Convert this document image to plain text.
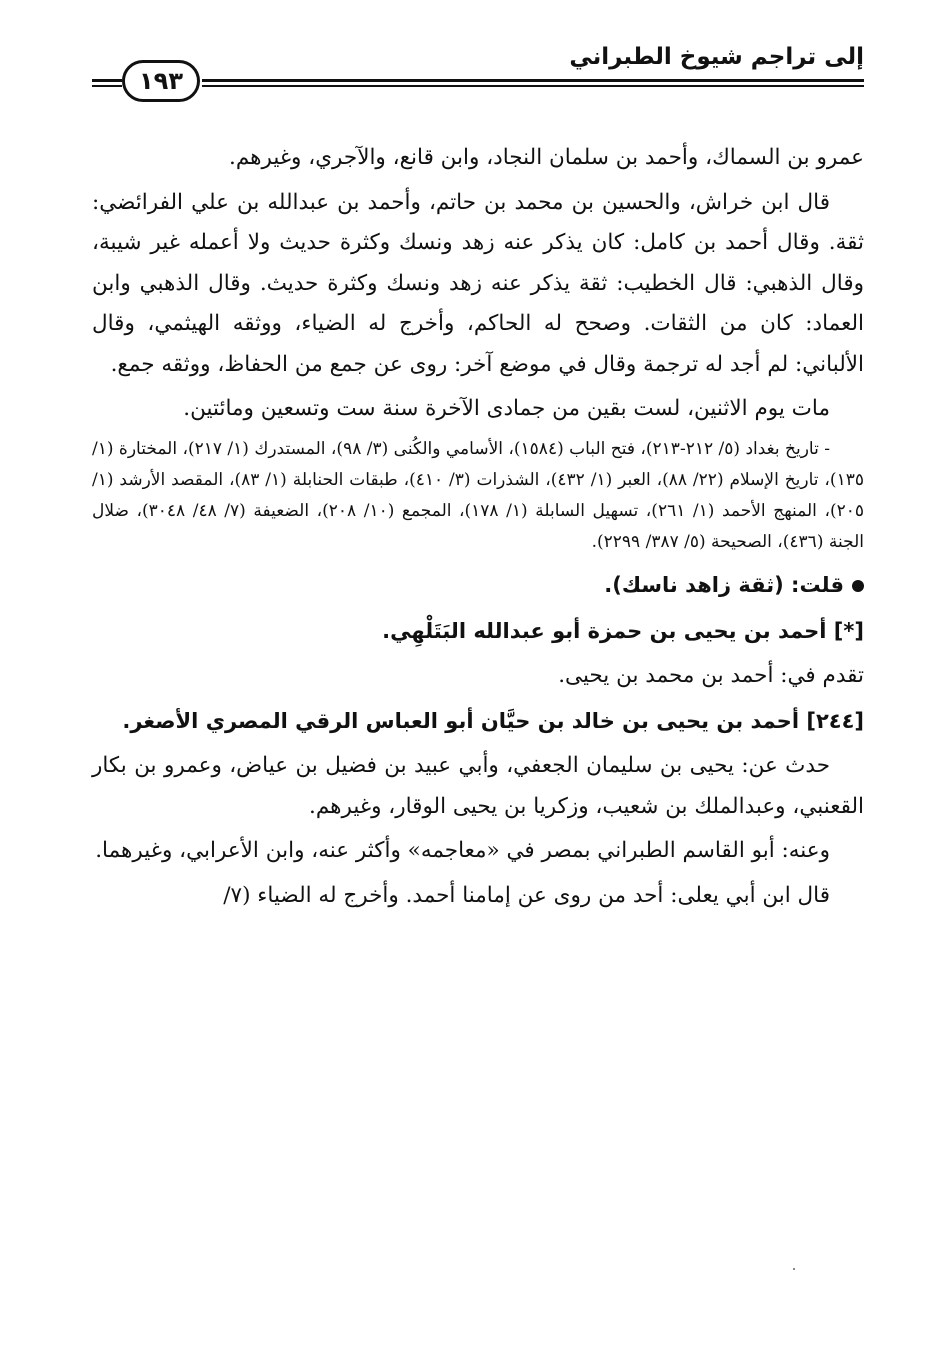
إلى تراجم شيوخ الطبراني
١٩٣

عمرو بن السماك، وأحمد بن سلمان النجاد، وابن قانع، والآجري، وغيرهم.

قال ابن خراش، والحسين بن محمد بن حاتم، وأحمد بن عبدالله بن علي الفرائضي: ثقة. وقال أحمد بن كامل: كان يذكر عنه زهد ونسك وكثرة حديث ولا أعمله غير شيبة، وقال الذهبي: قال الخطيب: ثقة يذكر عنه زهد ونسك وكثرة حديث. وقال الذهبي وابن العماد: كان من الثقات. وصحح له الحاكم، وأخرج له الضياء، ووثقه الهيثمي، وقال الألباني: لم أجد له ترجمة وقال في موضع آخر: روى عن جمع من الحفاظ، ووثقه جمع.

مات يوم الاثنين، لست بقين من جمادى الآخرة سنة ست وتسعين ومائتين.

- تاريخ بغداد (٥/ ٢١٢-٢١٣)، فتح الباب (١٥٨٤)، الأسامي والكُنى (٣/ ٩٨)، المستدرك (١/ ٢١٧)، المختارة (١/ ١٣٥)، تاريخ الإسلام (٢٢/ ٨٨)، العبر (١/ ٤٣٢)، الشذرات (٣/ ٤١٠)، طبقات الحنابلة (١/ ٨٣)، المقصد الأرشد (١/ ٢٠٥)، المنهج الأحمد (١/ ٢٦١)، تسهيل السابلة (١/ ١٧٨)، المجمع (١٠/ ٢٠٨)، الضعيفة (٧/ ٤٨/ ٣٠٤٨)، ضلال الجنة (٤٣٦)، الصحيحة (٥/ ٣٨٧/ ٢٢٩٩).

قلت: (ثقة زاهد ناسك).

[*] أحمد بن يحيى بن حمزة أبو عبدالله البَتَلْهِي.

تقدم في: أحمد بن محمد بن يحيى.

[٢٤٤] أحمد بن يحيى بن خالد بن حيَّان أبو العباس الرقي المصري الأصغر.

حدث عن: يحيى بن سليمان الجعفي، وأبي عبيد بن فضيل بن عياض، وعمرو بن بكار القعنبي، وعبدالملك بن شعيب، وزكريا بن يحيى الوقار، وغيرهم.

وعنه: أبو القاسم الطبراني بمصر في «معاجمه» وأكثر عنه، وابن الأعرابي، وغيرهما.

قال ابن أبي يعلى: أحد من روى عن إمامنا أحمد. وأخرج له الضياء (٧/
